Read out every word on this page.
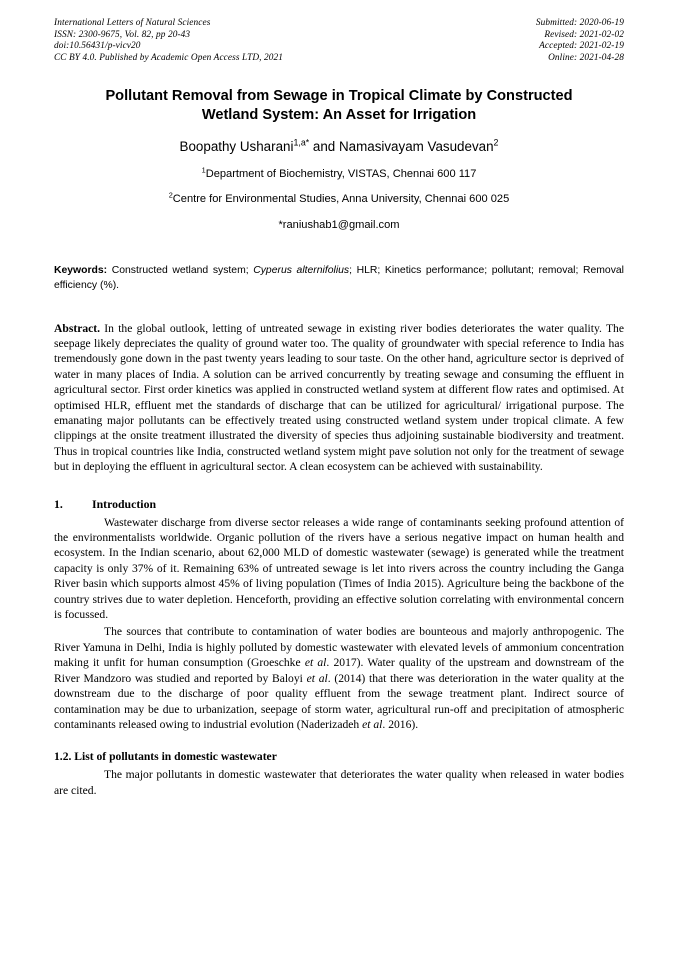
International Letters of Natural Sciences
ISSN: 2300-9675, Vol. 82, pp 20-43
doi:10.56431/p-vicv20
CC BY 4.0. Published by Academic Open Access LTD, 2021
Submitted: 2020-06-19
Revised: 2021-02-02
Accepted: 2021-02-19
Online: 2021-04-28
Pollutant Removal from Sewage in Tropical Climate by Constructed
Wetland System: An Asset for Irrigation
Boopathy Usharani$^{1,a*}$ and Namasivayam Vasudevan$^2$
$^1$Department of Biochemistry, VISTAS, Chennai 600 117
$^2$Centre for Environmental Studies, Anna University, Chennai 600 025
*raniushab1@gmail.com
Keywords: Constructed wetland system; Cyperus alternifolius; HLR; Kinetics performance; pollutant; removal; Removal efficiency (%).
Abstract. In the global outlook, letting of untreated sewage in existing river bodies deteriorates the water quality. The seepage likely depreciates the quality of ground water too. The quality of groundwater with special reference to India has tremendously gone down in the past twenty years leading to sour taste. On the other hand, agriculture sector is deprived of water in many places of India. A solution can be arrived concurrently by treating sewage and consuming the effluent in agricultural sector. First order kinetics was applied in constructed wetland system at different flow rates and optimised. At optimised HLR, effluent met the standards of discharge that can be utilized for agricultural/ irrigational purpose. The emanating major pollutants can be effectively treated using constructed wetland system under tropical climate. A few clippings at the onsite treatment illustrated the diversity of species thus adjoining sustainable biodiversity and treatment. Thus in tropical countries like India, constructed wetland system might pave solution not only for the treatment of sewage but in deploying the effluent in agricultural sector. A clean ecosystem can be achieved with sustainability.
1. Introduction

Wastewater discharge from diverse sector releases a wide range of contaminants seeking profound attention of the environmentalists worldwide. Organic pollution of the rivers have a serious negative impact on human health and ecosystem. In the Indian scenario, about 62,000 MLD of domestic wastewater (sewage) is generated while the treatment capacity is only 37% of it. Remaining 63% of untreated sewage is let into rivers across the country including the Ganga River basin which supports almost 45% of living population (Times of India 2015). Agriculture being the backbone of the country strives due to water depletion. Henceforth, providing an effective solution correlating with environmental concern is focussed.

The sources that contribute to contamination of water bodies are bounteous and majorly anthropogenic. The River Yamuna in Delhi, India is highly polluted by domestic wastewater with elevated levels of ammonium concentration making it unfit for human consumption (Groeschke et al. 2017). Water quality of the upstream and downstream of the River Mandzoro was studied and reported by Baloyi et al. (2014) that there was deterioration in the water quality at the downstream due to the discharge of poor quality effluent from the sewage treatment plant. Indirect source of contamination may be due to urbanization, seepage of storm water, agricultural run-off and precipitation of atmospheric contaminants released owing to industrial evolution (Naderizadeh et al. 2016).

1.2. List of pollutants in domestic wastewater

The major pollutants in domestic wastewater that deteriorates the water quality when released in water bodies are cited.
